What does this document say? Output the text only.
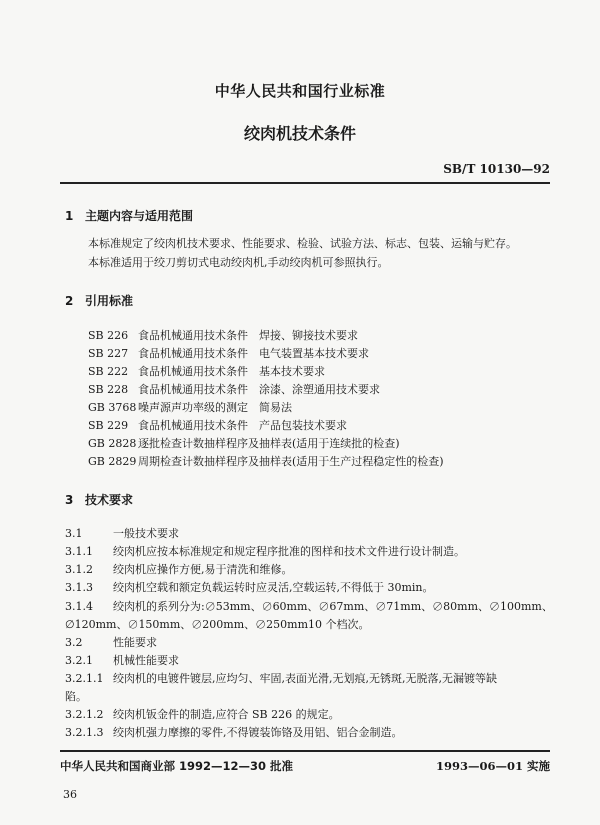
中华人民共和国行业标准
绞肉机技术条件
SB/T 10130—92
1 主题内容与适用范围
本标准规定了绞肉机技术要求、性能要求、检验、试验方法、标志、包装、运输与贮存。
本标准适用于绞刀剪切式电动绞肉机,手动绞肉机可参照执行。
2 引用标准
SB 226 食品机械通用技术条件　焊接、铆接技术要求
SB 227 食品机械通用技术条件　电气装置基本技术要求
SB 222 食品机械通用技术条件　基本技术要求
SB 228 食品机械通用技术条件　涂漆、涂塑通用技术要求
GB 3768 噪声源声功率级的测定　简易法
SB 229 食品机械通用技术条件　产品包装技术要求
GB 2828 逐批检查计数抽样程序及抽样表(适用于连续批的检查)
GB 2829 周期检查计数抽样程序及抽样表(适用于生产过程稳定性的检查)
3 技术要求
3.1	一般技术要求
3.1.1 绞肉机应按本标准规定和规定程序批准的图样和技术文件进行设计制造。
3.1.2 绞肉机应操作方便,易于清洗和维修。
3.1.3 绞肉机空载和额定负载运转时应灵活,空载运转,不得低于 30min。
3.1.4 绞肉机的系列分为:∅53mm、∅60mm、∅67mm、∅71mm、∅80mm、∅100mm、
∅120mm、∅150mm、∅200mm、∅250mm10 个档次。
3.2	性能要求
3.2.1 机械性能要求
3.2.1.1 绞肉机的电镀件镀层,应均匀、牢固,表面光滑,无划痕,无锈斑,无脱落,无漏镀等缺
陷。
3.2.1.2 绞肉机钣金件的制造,应符合 SB 226 的规定。
3.2.1.3 绞肉机强力摩擦的零件,不得镀装饰铬及用铝、铝合金制造。
中华人民共和国商业部 1992—12—30 批准	1993—06—01 实施
36
